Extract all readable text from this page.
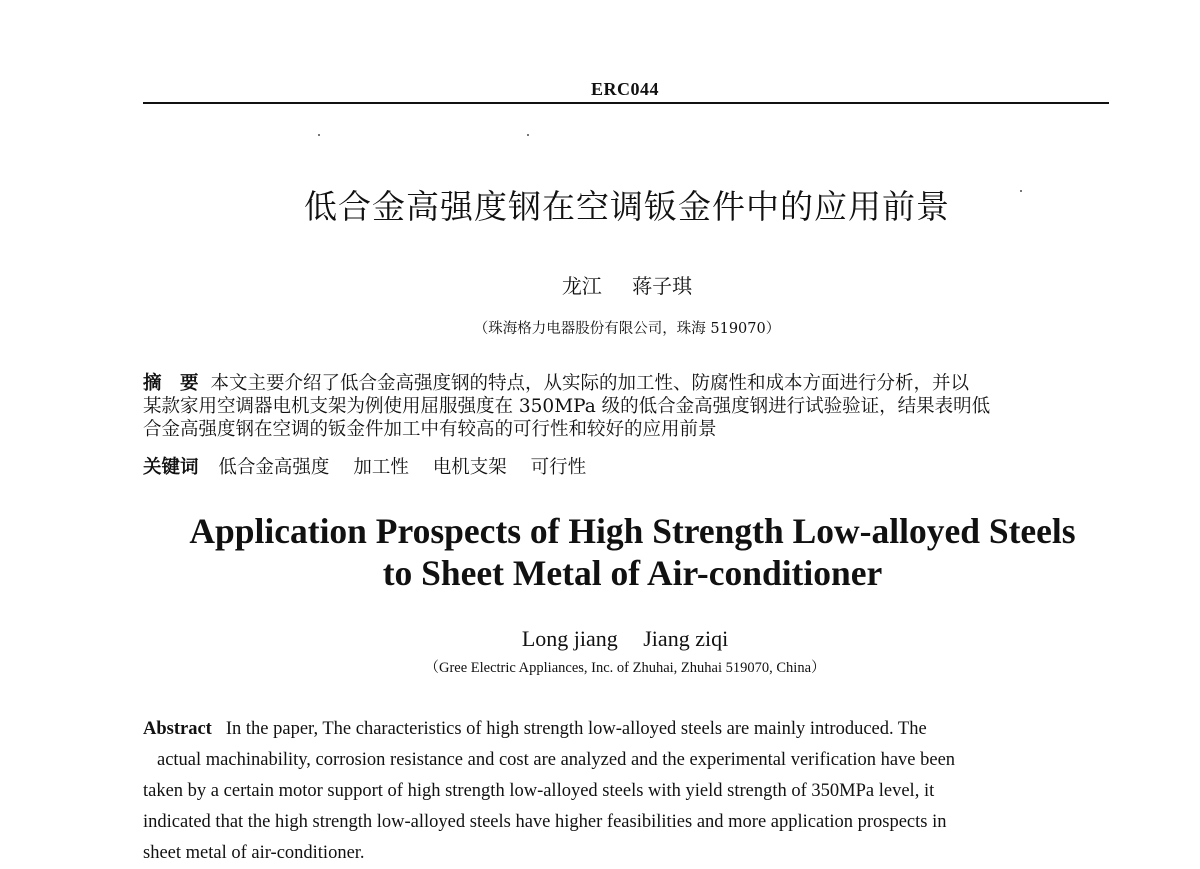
ERC044
低合金高强度钢在空调钣金件中的应用前景
龙江 蒋子琪
（珠海格力电器股份有限公司，珠海 519070）
摘　要 本文主要介绍了低合金高强度钢的特点，从实际的加工性、防腐性和成本方面进行分析，并以
某款家用空调器电机支架为例使用屈服强度在 350MPa 级的低合金高强度钢进行试验验证，结果表明低
合金高强度钢在空调的钣金件加工中有较高的可行性和较好的应用前景
关键词 低合金高强度 加工性 电机支架 可行性
Application Prospects of High Strength Low-alloyed Steels
to Sheet Metal of Air-conditioner
Long jiang Jiang ziqi
（Gree Electric Appliances, Inc. of Zhuhai, Zhuhai 519070, China）
Abstract In the paper, The characteristics of high strength low-alloyed steels are mainly introduced. The
actual machinability, corrosion resistance and cost are analyzed and the experimental verification have been
taken by a certain motor support of high strength low-alloyed steels with yield strength of 350MPa level, it
indicated that the high strength low-alloyed steels have higher feasibilities and more application prospects in
sheet metal of air-conditioner.
